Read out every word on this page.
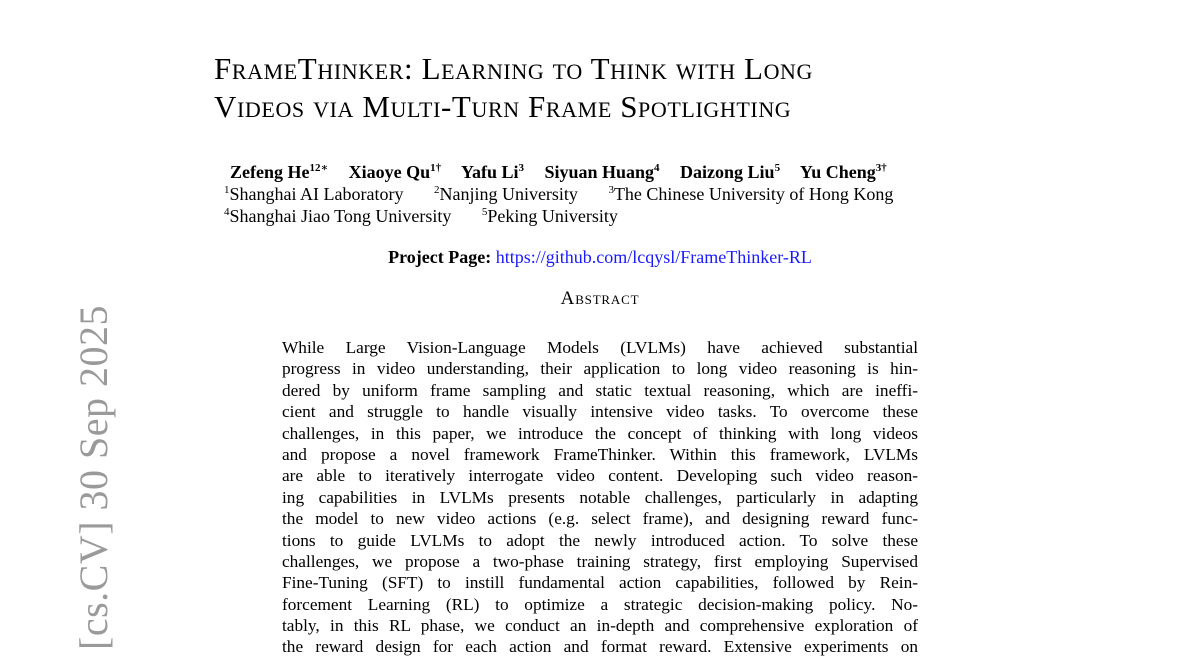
[cs.CV] 30 Sep 2025
FrameThinker: Learning to Think with Long
Videos via Multi-Turn Frame Spotlighting
Zefeng $He^{12∗}$ Xiaoye $Qu^{1\dagger}$ Yafu Li$^3$ Siyuan Huang$^4$ Daizong Liu$^5$ Yu Cheng$^{3\dagger}$
$^1$Shanghai AI Laboratory	$^2$Nanjing University	$^3$The Chinese University of Hong Kong
$^4$Shanghai Jiao Tong University	$^5$Peking University
Project Page: https://github.com/lcqysl/FrameThinker-RL
Abstract
While Large Vision-Language Models (LVLMs) have achieved substantial
progress in video understanding, their application to long video reasoning is hin-
dered by uniform frame sampling and static textual reasoning, which are ineffi-
cient and struggle to handle visually intensive video tasks. To overcome these
challenges, in this paper, we introduce the concept of thinking with long videos
and propose a novel framework FrameThinker. Within this framework, LVLMs
are able to iteratively interrogate video content. Developing such video reason-
ing capabilities in LVLMs presents notable challenges, particularly in adapting
the model to new video actions (e.g. select frame), and designing reward func-
tions to guide LVLMs to adopt the newly introduced action. To solve these
challenges, we propose a two-phase training strategy, first employing Supervised
Fine-Tuning (SFT) to instill fundamental action capabilities, followed by Rein-
forcement Learning (RL) to optimize a strategic decision-making policy. No-
tably, in this RL phase, we conduct an in-depth and comprehensive exploration of
the reward design for each action and format reward. Extensive experiments on
